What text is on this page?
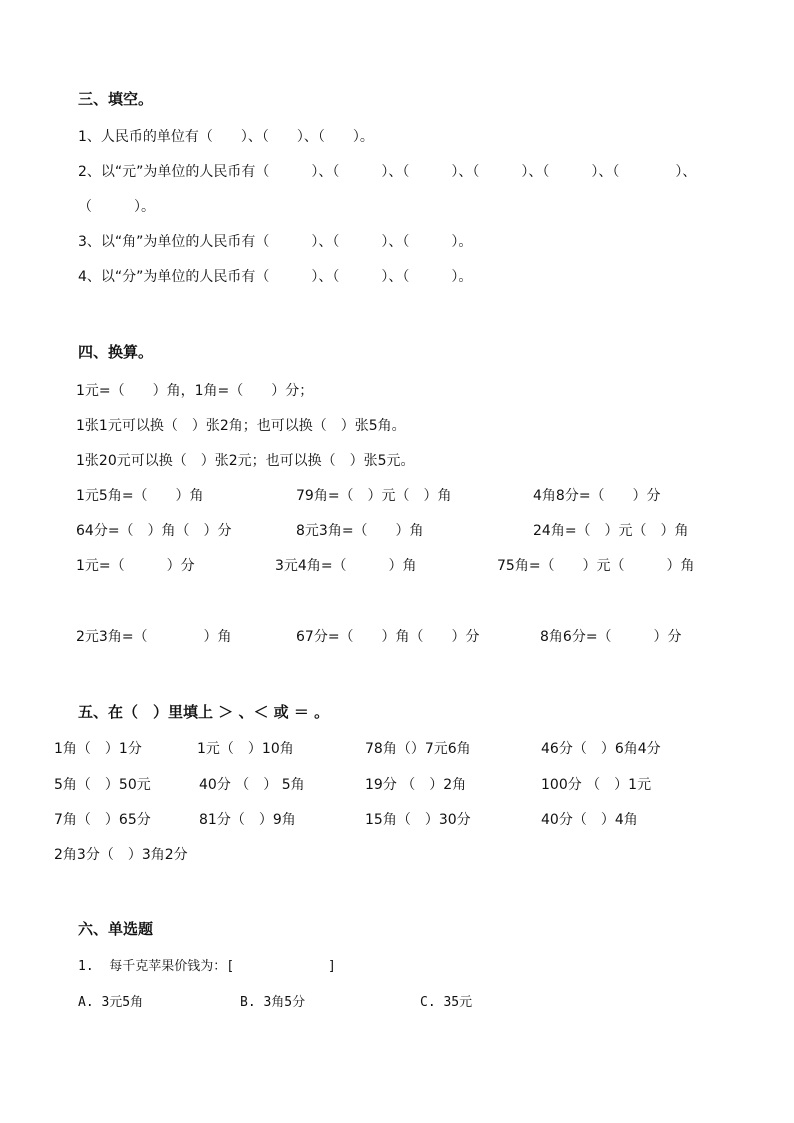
三、填空。
1、人民币的单位有（　　）、（　　）、（　　）。
2、以“元”为单位的人民币有（　　　）、（　　　）、（　　　）、（　　　）、（　　　）、（　　　　）、
（　　　）。
3、以“角”为单位的人民币有（　　　）、（　　　）、（　　　）。
4、以“分”为单位的人民币有（　　　）、（　　　）、（　　　）。
四、换算。
1元=（　　）角，1角=（　　）分；
1张1元可以换（　）张2角；也可以换（　）张5角。
1张20元可以换（　）张2元；也可以换（　）张5元。
1元5角=（　　）角	79角=（　）元（　）角	4角8分=（　　）分
64分=（　）角（　）分	8元3角=（　　）角	24角=（　）元（　）角
1元=（　　　）分	3元4角=（　　　）角	75角=（　　）元（　　　）角
2元3角=（　　　　）角	67分=（　　）角（　　）分	8角6分=（　　　）分
五、在（　）里填上 ＞ 、＜ 或 ＝ 。
1角（　）1分	1元（　）10角	78角（）7元6角	46分（　）6角4分
5角（　）50元	40分 （　） 5角	19分 （　）2角	100分 （　）1元
7角（　）65分	81分（　）9角	15角（　）30分	40分（　）4角
2角3分（　）3角2分
六、单选题
1.  每千克苹果价钱为：[            ]
A. 3元5角	B. 3角5分	C. 35元
